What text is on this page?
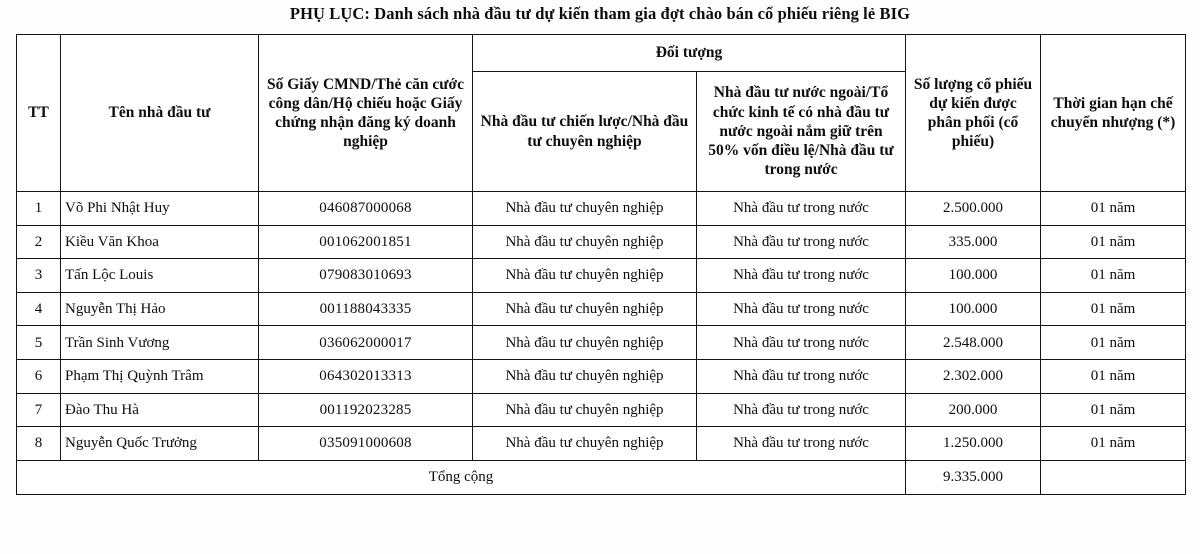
PHỤ LỤC: Danh sách nhà đầu tư dự kiến tham gia đợt chào bán cổ phiếu riêng lẻ BIG
TT	Tên nhà đầu tư	Số Giấy CMND/Thẻ căn cước công dân/Hộ chiếu hoặc Giấy chứng nhận đăng ký doanh nghiệp	Đối tượng		Số lượng cổ phiếu dự kiến được phân phối (cổ phiếu)	Thời gian hạn chế chuyển nhượng (*)
			Nhà đầu tư chiến lược/Nhà đầu tư chuyên nghiệp	Nhà đầu tư nước ngoài/Tổ chức kinh tế có nhà đầu tư nước ngoài nắm giữ trên 50% vốn điều lệ/Nhà đầu tư trong nước		
1	Võ Phi Nhật Huy	046087000068	Nhà đầu tư chuyên nghiệp	Nhà đầu tư trong nước	2.500.000	01 năm
2	Kiều Văn Khoa	001062001851	Nhà đầu tư chuyên nghiệp	Nhà đầu tư trong nước	335.000	01 năm
3	Tấn Lộc Louis	079083010693	Nhà đầu tư chuyên nghiệp	Nhà đầu tư trong nước	100.000	01 năm
4	Nguyễn Thị Hảo	001188043335	Nhà đầu tư chuyên nghiệp	Nhà đầu tư trong nước	100.000	01 năm
5	Trần Sinh Vương	036062000017	Nhà đầu tư chuyên nghiệp	Nhà đầu tư trong nước	2.548.000	01 năm
6	Phạm Thị Quỳnh Trâm	064302013313	Nhà đầu tư chuyên nghiệp	Nhà đầu tư trong nước	2.302.000	01 năm
7	Đào Thu Hà	001192023285	Nhà đầu tư chuyên nghiệp	Nhà đầu tư trong nước	200.000	01 năm
8	Nguyễn Quốc Trưởng	035091000608	Nhà đầu tư chuyên nghiệp	Nhà đầu tư trong nước	1.250.000	01 năm
Tổng cộng					9.335.000	
